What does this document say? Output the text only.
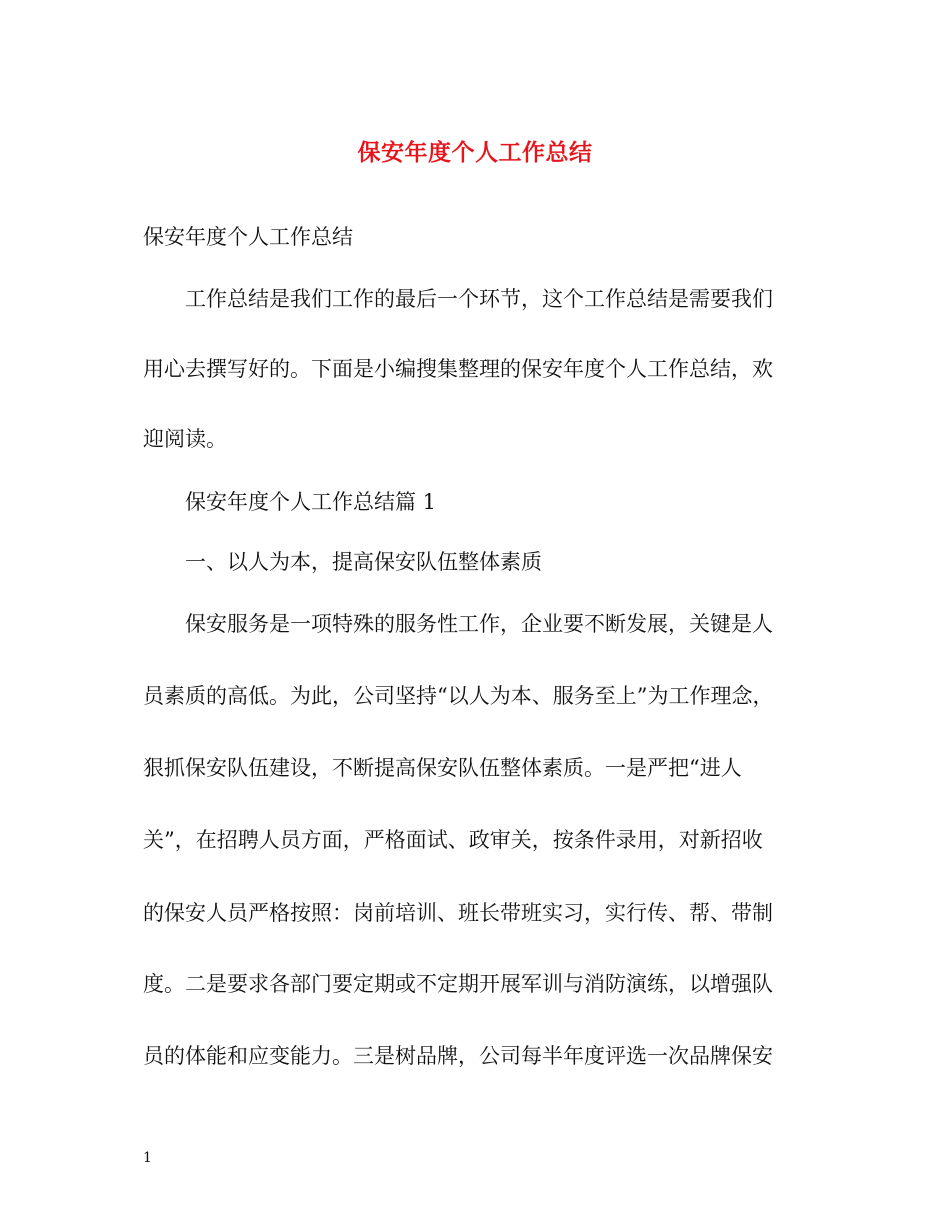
保安年度个人工作总结
保安年度个人工作总结
工作总结是我们工作的最后一个环节，这个工作总结是需要我们
用心去撰写好的。下面是小编搜集整理的保安年度个人工作总结，欢
迎阅读。
保安年度个人工作总结篇 1
一、以人为本，提高保安队伍整体素质
保安服务是一项特殊的服务性工作，企业要不断发展，关键是人
员素质的高低。为此，公司坚持“以人为本、服务至上”为工作理念，
狠抓保安队伍建设，不断提高保安队伍整体素质。一是严把“进人
关”，在招聘人员方面，严格面试、政审关，按条件录用，对新招收
的保安人员严格按照：岗前培训、班长带班实习，实行传、帮、带制
度。二是要求各部门要定期或不定期开展军训与消防演练，以增强队
员的体能和应变能力。三是树品牌，公司每半年度评选一次品牌保安
1
